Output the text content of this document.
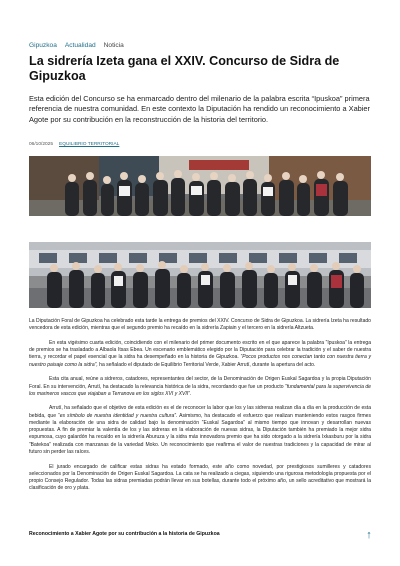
Gipuzkoa Actualidad Noticia
La sidrería Izeta gana el XXIV. Concurso de Sidra de Gipuzkoa

Esta edición del Concurso se ha enmarcado dentro del milenario de la palabra escrita “Ipuskoa” primera referencia de nuestra comunidad. En este contexto la Diputación ha rendido un reconocimiento a Xabier Agote por su contribución en la reconstrucción de la historia del territorio.

06/10/2025 EQUILIBRIO TERRITORIAL

La Diputación Foral de Gipuzkoa ha celebrado esta tarde la entrega de premios del XXIV. Concurso de Sidra de Gipuzkoa. La sidrería Izeta ha resultado vencedora de esta edición, mientras que el segundo premio ha recaído en la sidrería Zapiain y el tercero en la sidrería Altzueta.

En esta vigésimo cuarta edición, coincidiendo con el milenario del primer documento escrito en el que aparece la palabra “Ipuskoa” la entrega de premios se ha trasladado a Albaola Itsas Ebea. Un escenario emblemático elegido por la Diputación para celebrar la tradición y el saber de nuestra tierra, y recordar el papel esencial que la sidra ha desempeñado en la historia de Gipuzkoa. “Pocos productos nos conectan tanto con nuestra tierra y nuestro paisaje como la sidra”, ha señalado el diputado de Equilibrio Territorial Verde, Xabier Arrutí, durante la apertura del acto.

Esta cita anual, reúne a sidreros, catadores, representantes del sector, de la Denominación de Origen Euskal Sagardoa y la propia Diputación Foral. En su intervención, Arrutí, ha destacado la relevancia histórica de la sidra, recordando que fue un producto “fundamental para la supervivencia de los marineros vascos que viajaban a Terranova en los siglos XVI y XVII”.

Arrutí, ha señalado que el objetivo de esta edición es el de reconocer la labor que los y las sidreras realizan día a día en la producción de esta bebida, que “es símbolo de nuestra identidad y nuestra cultura”. Asimismo, ha destacado el esfuerzo que realizan manteniendo estos rasgos firmes mediante la elaboración de una sidra de calidad bajo la denominación “Euskal Sagardoa” al mismo tiempo que innovan y desarrollan nuevas propuestas. A fin de premiar la valentía de los y las sidreras en la elaboración de nuevas sidras, la Diputación también ha premiado la mejor sidra espumosa, cuyo galardón ha recaído en la sidrería Aburuza y la sidra más innovadora premio que ha sido otorgado a la sidrería Ixkasburu por la sidra “Batekoa” realizada con manzanas de la variedad Moko. Un reconocimiento que reafirma el valor de nuestras tradiciones y la capacidad de mirar al futuro sin perder las raíces.

El jurado encargado de calificar estas sidras ha estado formado, este año como novedad, por prestigiosos sumilleres y catadores seleccionados por la Denominación de Origen Euskal Sagardoa. La cata se ha realizado a ciegas, siguiendo una rigurosa metodología propuesta por el propio Consejo Regulador. Todas las sidras premiadas podrán llevar en sus botellas, durante todo el próximo año, un sello acreditativo que mostrará la clasificación de oro y plata.

Reconocimiento a Xabier Agote por su contribución a la historia de Gipuzkoa	↑
